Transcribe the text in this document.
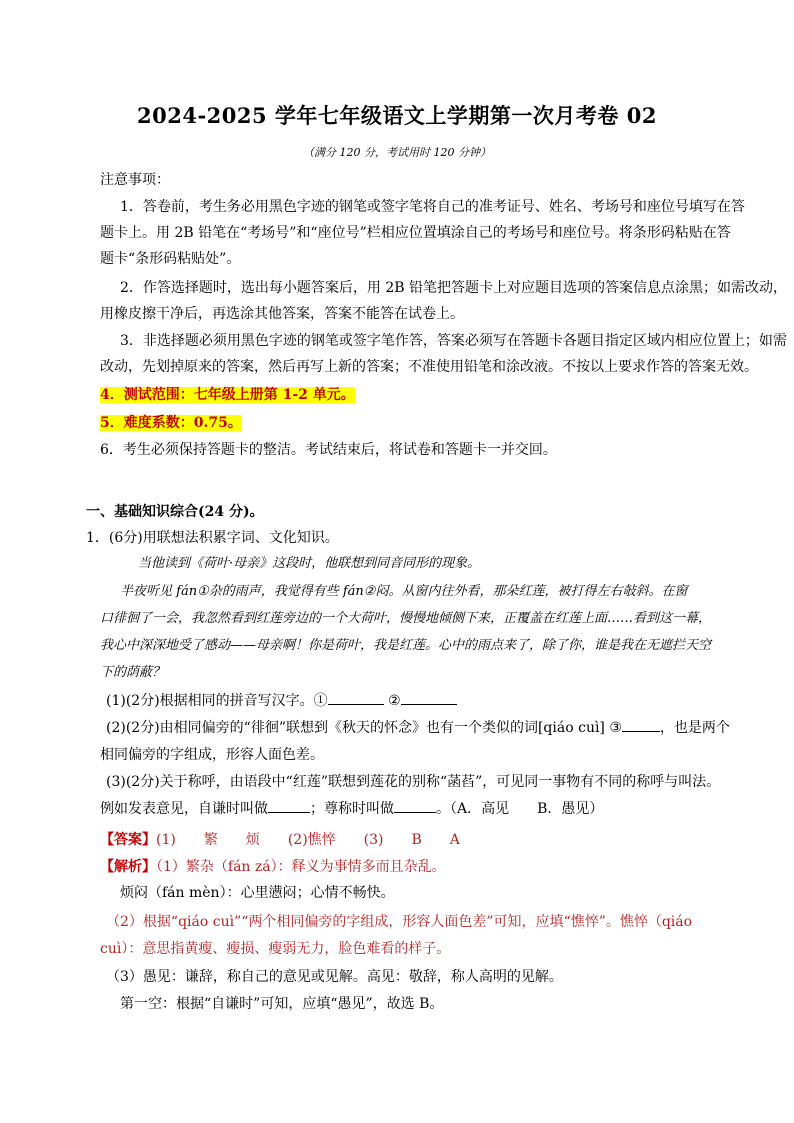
2024-2025 学年七年级语文上学期第一次月考卷 02
（满分 120 分，考试用时 120 分钟）
注意事项：
1．答卷前，考生务必用黑色字迹的钢笔或签字笔将自己的准考证号、姓名、考场号和座位号填写在答
题卡上。用 2B 铅笔在“考场号”和“座位号”栏相应位置填涂自己的考场号和座位号。将条形码粘贴在答
题卡“条形码粘贴处”。
2．作答选择题时，选出每小题答案后，用 2B 铅笔把答题卡上对应题目选项的答案信息点涂黑；如需改动，
用橡皮擦干净后，再选涂其他答案，答案不能答在试卷上。
3．非选择题必须用黑色字迹的钢笔或签字笔作答，答案必须写在答题卡各题目指定区域内相应位置上；如需
改动，先划掉原来的答案，然后再写上新的答案；不准使用铅笔和涂改液。不按以上要求作答的答案无效。
4．测试范围：七年级上册第 1-2 单元。
5．难度系数：0.75。
6．考生必须保持答题卡的整洁。考试结束后，将试卷和答题卡一并交回。
一、基础知识综合(24 分)。
1．(6分)用联想法积累字词、文化知识。
当他读到《荷叶·母亲》这段时，他联想到同音同形的现象。
半夜听见 fán①杂的雨声，我觉得有些 fán②闷。从窗内往外看，那朵红莲，被打得左右敧斜。在窗
口徘徊了一会，我忽然看到红莲旁边的一个大荷叶，慢慢地倾侧下来，正覆盖在红莲上面……看到这一幕，
我心中深深地受了感动——母亲啊！你是荷叶，我是红莲。心中的雨点来了，除了你，谁是我在无遮拦天空
下的荫蔽？
(1)(2分)根据相同的拼音写汉字。①	②
(2)(2分)由相同偏旁的“徘徊”联想到《秋天的怀念》也有一个类似的词[qiáo cuì] ③	，也是两个
相同偏旁的字组成，形容人面色差。
(3)(2分)关于称呼，由语段中“红莲”联想到莲花的别称“菡萏”，可见同一事物有不同的称呼与叫法。
例如发表意见，自谦时叫做	；尊称时叫做	。（A．高见　　B．愚见）
【答案】(1)　　繁　　烦　　(2)憔悴　　(3)　　B　　A
【解析】（1）繁杂（fán zá）：释义为事情多而且杂乱。
烦闷（fán mèn）：心里懑闷；心情不畅快。
（2）根据“qiáo cuì”“两个相同偏旁的字组成，形容人面色差”可知，应填“憔悴”。憔悴（qiáo
cuì）：意思指黄瘦、瘦损、瘦弱无力，脸色难看的样子。
（3）愚见：谦辞，称自己的意见或见解。高见：敬辞，称人高明的见解。
第一空：根据“自谦时”可知，应填“愚见”，故选 B。
